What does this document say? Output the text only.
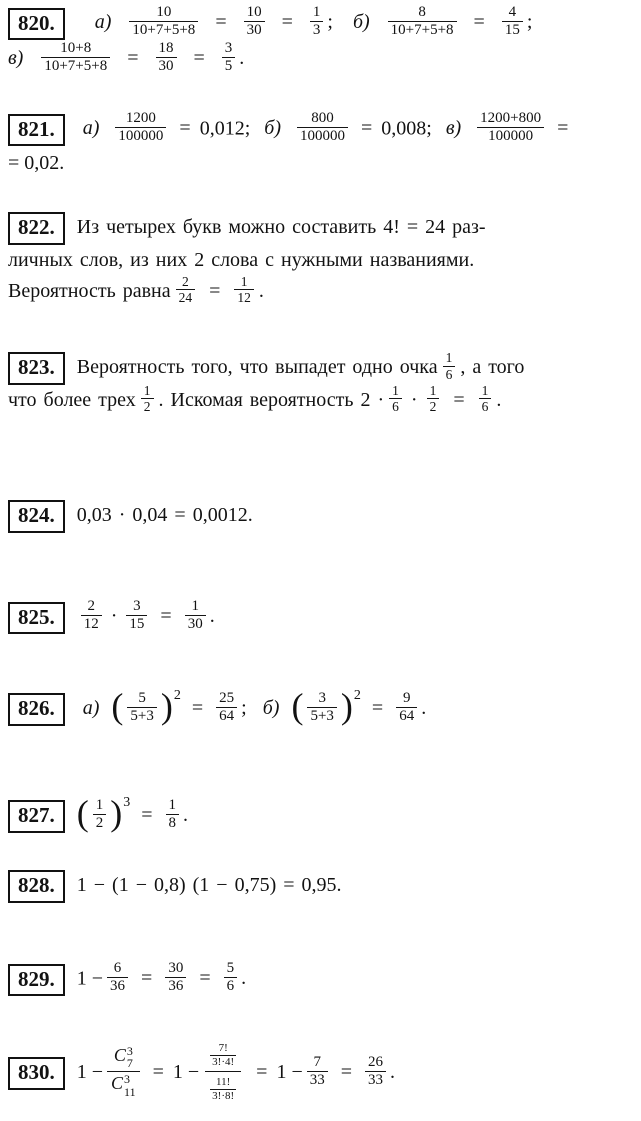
820. $а) \frac{10}{10+7+5+8} = \frac{10}{30} = \frac{1}{3}$ ; $б) \frac{8}{10+7+5+8} = \frac{4}{15}$ ;
$в) \frac{10+8}{10+7+5+8} = \frac{18}{30} = \frac{3}{5}$ .
821. $а) \frac{1200}{100000} = 0,012$; $б) \frac{800}{100000} = 0,008$; $в) \frac{1200+800}{100000}$ =
= 0,02.
822. Из четырех букв можно составить 4! = 24 раз-
личных слов, из них 2 слова с нужными названиями.
Вероятность равна $\frac{2}{24} = \frac{1}{12}$ .
823. Вероятность того, что выпадет одно очка $\frac{1}{6}$ , а того
что более трех $\frac{1}{2}$ . Искомая вероятность $2 \cdot \frac{1}{6} \cdot \frac{1}{2} = \frac{1}{6}$ .
824. 0,03 · 0,04 = 0,0012.
825. $\frac{2}{12} \cdot \frac{3}{15} = \frac{1}{30}$ .
826. а) ( $\frac{5}{5+3} )^2= \frac{25}{64}$ ; б) ( $\frac{3}{5+3} )^2= \frac{9}{64}$ .
827. ( $\frac{1}{2} )^3= \frac{1}{8}$ .
828. 1 − (1 − 0,8) (1 − 0,75) = 0,95.
829. $1 - \frac{6}{36} = \frac{30}{36} = \frac{5}{6}$ .
830. 1 − C 3
7
C 3
$11 = 1 - \frac{\frac{7!}{3!\cdot 4!}}{\frac{11!}{3!\cdot 8!}} = 1 - \frac{7}{33} = \frac{26}{33}$ .
